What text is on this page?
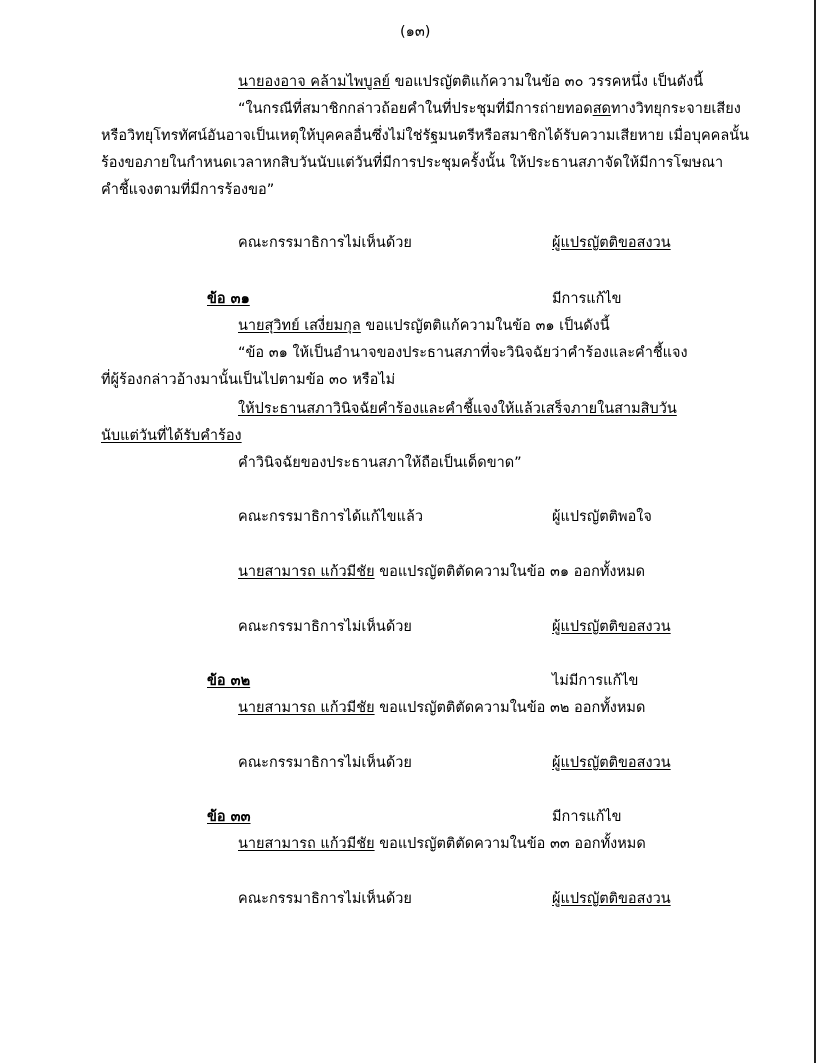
(๑๓)
นายองอาจ คล้ามไพบูลย์ ขอแปรญัตติแก้ความในข้อ ๓๐ วรรคหนึ่ง เป็นดังนี้
“ในกรณีที่สมาชิกกล่าวถ้อยคำในที่ประชุมที่มีการถ่ายทอดสดทางวิทยุกระจายเสียง
หรือวิทยุโทรทัศน์อันอาจเป็นเหตุให้บุคคลอื่นซึ่งไม่ใช่รัฐมนตรีหรือสมาชิกได้รับความเสียหาย เมื่อบุคคลนั้น
ร้องขอภายในกำหนดเวลาหกสิบวันนับแต่วันที่มีการประชุมครั้งนั้น ให้ประธานสภาจัดให้มีการโฆษณา
คำชี้แจงตามที่มีการร้องขอ”
คณะกรรมาธิการไม่เห็นด้วย	ผู้แปรญัตติขอสงวน
ข้อ ๓๑	มีการแก้ไข
นายสุวิทย์ เสงี่ยมกุล ขอแปรญัตติแก้ความในข้อ ๓๑ เป็นดังนี้
“ข้อ ๓๑ ให้เป็นอำนาจของประธานสภาที่จะวินิจฉัยว่าคำร้องและคำชี้แจง
ที่ผู้ร้องกล่าวอ้างมานั้นเป็นไปตามข้อ ๓๐ หรือไม่
ให้ประธานสภาวินิจฉัยคำร้องและคำชี้แจงให้แล้วเสร็จภายในสามสิบวัน
นับแต่วันที่ได้รับคำร้อง
คำวินิจฉัยของประธานสภาให้ถือเป็นเด็ดขาด”
คณะกรรมาธิการได้แก้ไขแล้ว	ผู้แปรญัตติพอใจ
นายสามารถ แก้วมีชัย ขอแปรญัตติตัดความในข้อ ๓๑ ออกทั้งหมด
คณะกรรมาธิการไม่เห็นด้วย	ผู้แปรญัตติขอสงวน
ข้อ ๓๒	ไม่มีการแก้ไข
นายสามารถ แก้วมีชัย ขอแปรญัตติตัดความในข้อ ๓๒ ออกทั้งหมด
คณะกรรมาธิการไม่เห็นด้วย	ผู้แปรญัตติขอสงวน
ข้อ ๓๓	มีการแก้ไข
นายสามารถ แก้วมีชัย ขอแปรญัตติตัดความในข้อ ๓๓ ออกทั้งหมด
คณะกรรมาธิการไม่เห็นด้วย	ผู้แปรญัตติขอสงวน
